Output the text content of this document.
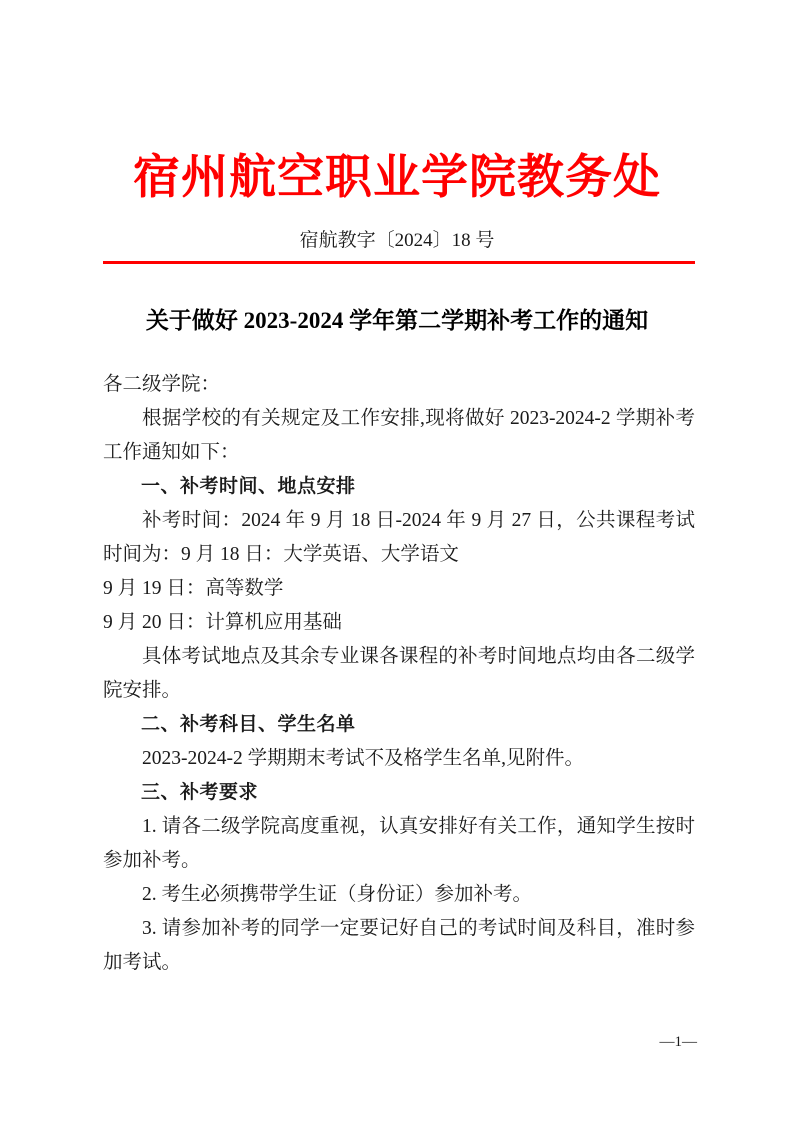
宿州航空职业学院教务处
宿航教字〔2024〕18 号
关于做好 2023-2024 学年第二学期补考工作的通知

各二级学院：

根据学校的有关规定及工作安排,现将做好 2023-2024-2 学期补考工作通知如下：

一、补考时间、地点安排

补考时间：2024 年 9 月 18 日-2024 年 9 月 27 日，公共课程考试时间为：9 月 18 日：大学英语、大学语文

9 月 19 日：高等数学

9 月 20 日：计算机应用基础

具体考试地点及其余专业课各课程的补考时间地点均由各二级学院安排。

二、补考科目、学生名单

2023-2024-2 学期期末考试不及格学生名单,见附件。

三、补考要求

1. 请各二级学院高度重视，认真安排好有关工作，通知学生按时参加补考。

2. 考生必须携带学生证（身份证）参加补考。

3. 请参加补考的同学一定要记好自己的考试时间及科目，准时参加考试。

—1—
